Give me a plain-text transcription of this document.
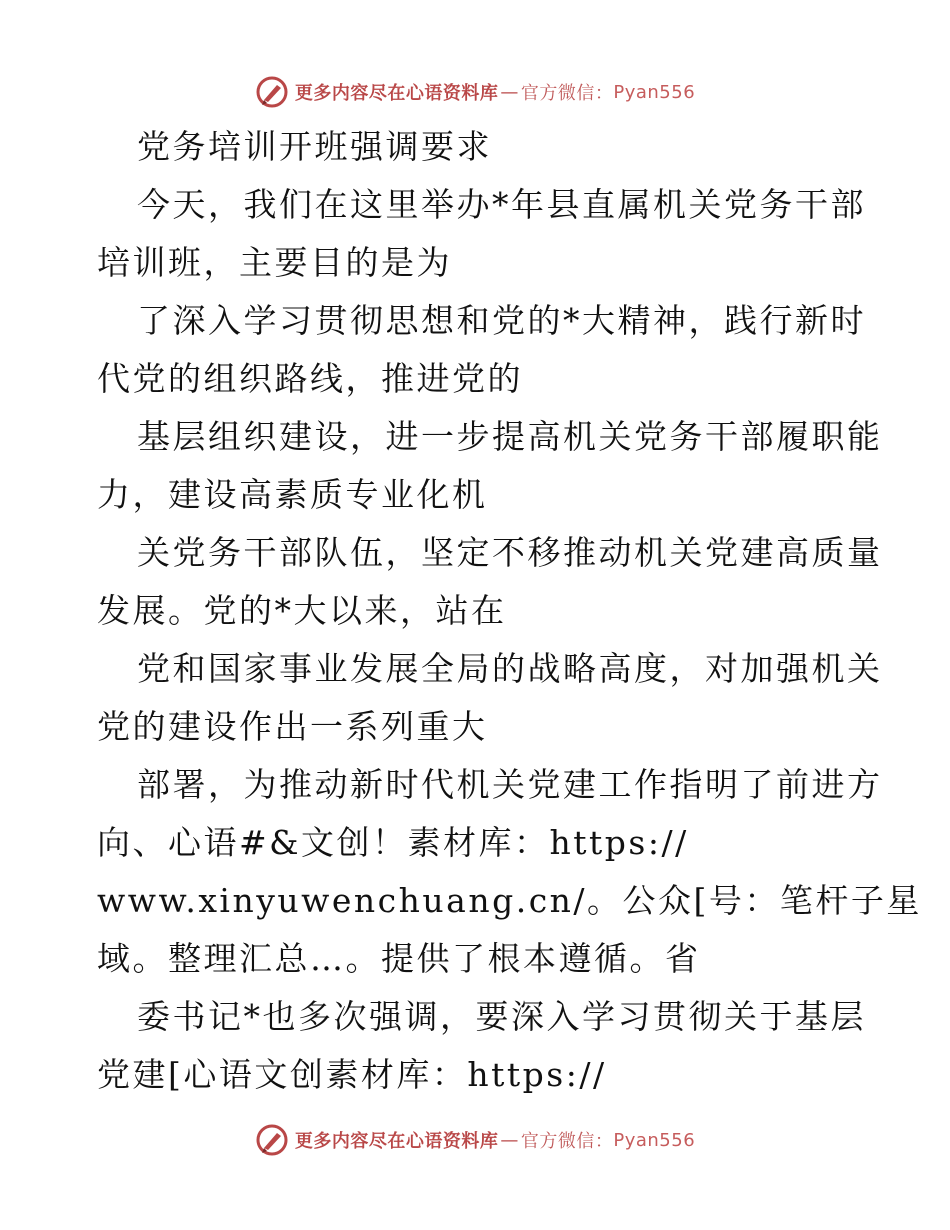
更多内容尽在心语资料库 — 官方微信： Pyan556
党务培训开班强调要求
今天，我们在这里举办*年县直属机关党务干部
培训班，主要目的是为
了深入学习贯彻思想和党的*大精神，践行新时
代党的组织路线，推进党的
基层组织建设，进一步提高机关党务干部履职能
力，建设高素质专业化机
关党务干部队伍，坚定不移推动机关党建高质量
发展。党的*大以来，站在
党和国家事业发展全局的战略高度，对加强机关
党的建设作出一系列重大
部署，为推动新时代机关党建工作指明了前进方
向、心语#&文创！素材库：https://
www.xinyuwenchuang.cn/。公众[号：笔杆子星
域。整理汇总…。提供了根本遵循。省
委书记*也多次强调，要深入学习贯彻关于基层
党建[心语文创素材库：https://
更多内容尽在心语资料库 — 官方微信： Pyan556
